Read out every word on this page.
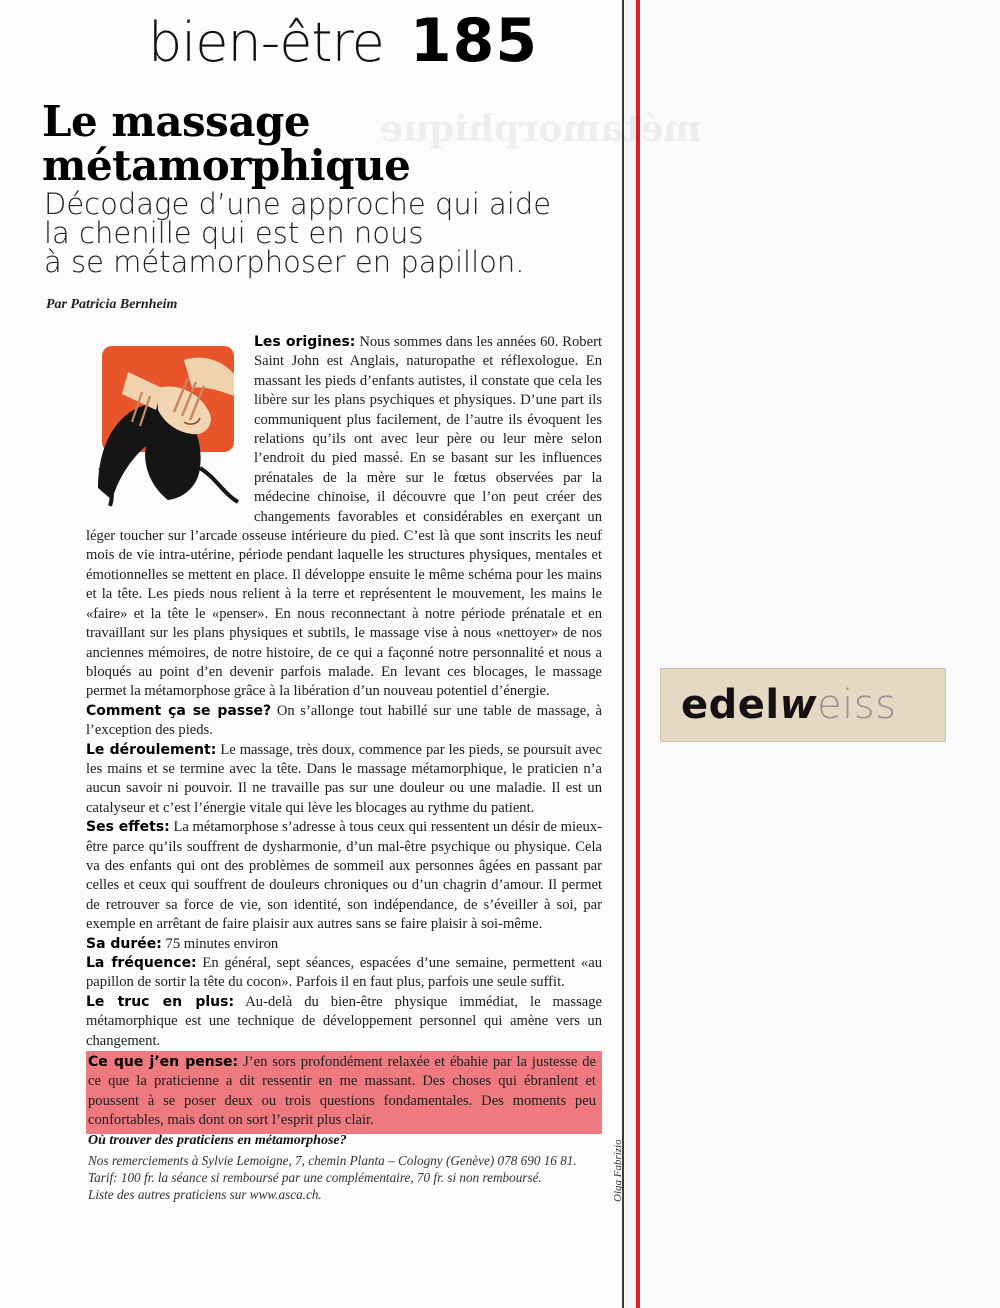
métamorphique
bien-être 185
Le massage
métamorphique
Décodage d’une approche qui aide
la chenille qui est en nous
à se métamorphoser en papillon.
Par Patricia Bernheim

Les origines: Nous sommes dans les années 60. Robert Saint John est Anglais, naturopathe et réflexologue. En massant les pieds d’enfants autistes, il constate que cela les libère sur les plans psychiques et physiques. D’une part ils communiquent plus facilement, de l’autre ils évoquent les relations qu’ils ont avec leur père ou leur mère selon l’endroit du pied massé. En se basant sur les influences prénatales de la mère sur le fœtus observées par la médecine chinoise, il découvre que l’on peut créer des changements favorables et considérables en exerçant un léger toucher sur l’arcade osseuse intérieure du pied. C’est là que sont inscrits les neuf mois de vie intra-utérine, période pendant laquelle les structures physiques, mentales et émotionnelles se mettent en place. Il développe ensuite le même schéma pour les mains et la tête. Les pieds nous relient à la terre et représentent le mouvement, les mains le «faire» et la tête le «penser». En nous reconnectant à notre période prénatale et en travaillant sur les plans physiques et subtils, le massage vise à nous «nettoyer» de nos anciennes mémoires, de notre histoire, de ce qui a façonné notre personnalité et nous a bloqués au point d’en devenir parfois malade. En levant ces blocages, le massage permet la métamorphose grâce à la libération d’un nouveau potentiel d’énergie.

Comment ça se passe? On s’allonge tout habillé sur une table de massage, à l’exception des pieds.

Le déroulement: Le massage, très doux, commence par les pieds, se poursuit avec les mains et se termine avec la tête. Dans le massage métamorphique, le praticien n’a aucun savoir ni pouvoir. Il ne travaille pas sur une douleur ou une maladie. Il est un catalyseur et c’est l’énergie vitale qui lève les blocages au rythme du patient.

Ses effets: La métamorphose s’adresse à tous ceux qui ressentent un désir de mieux-être parce qu’ils souffrent de dysharmonie, d’un mal-être psychique ou physique. Cela va des enfants qui ont des problèmes de sommeil aux personnes âgées en passant par celles et ceux qui souffrent de douleurs chroniques ou d’un chagrin d’amour. Il permet de retrouver sa force de vie, son identité, son indépendance, de s’éveiller à soi, par exemple en arrêtant de faire plaisir aux autres sans se faire plaisir à soi-même.

Sa durée: 75 minutes environ

La fréquence: En général, sept séances, espacées d’une semaine, permettent «au papillon de sortir la tête du cocon». Parfois il en faut plus, parfois une seule suffit.

Le truc en plus: Au-delà du bien-être physique immédiat, le massage métamorphique est une technique de développement personnel qui amène vers un changement.

Ce que j’en pense: J’en sors profondément relaxée et ébahie par la justesse de ce que la praticienne a dit ressentir en me massant. Des choses qui ébranlent et poussent à se poser deux ou trois questions fondamentales. Des moments peu confortables, mais dont on sort l’esprit plus clair.

Où trouver des praticiens en métamorphose?

Nos remerciements à Sylvie Lemoigne, 7, chemin Planta – Cologny (Genève) 078 690 16 81.

Tarif: 100 fr. la séance si remboursé par une complémentaire, 70 fr. si non remboursé.

Liste des autres praticiens sur www.asca.ch.	Olga Fabrizio
edel w eiss
